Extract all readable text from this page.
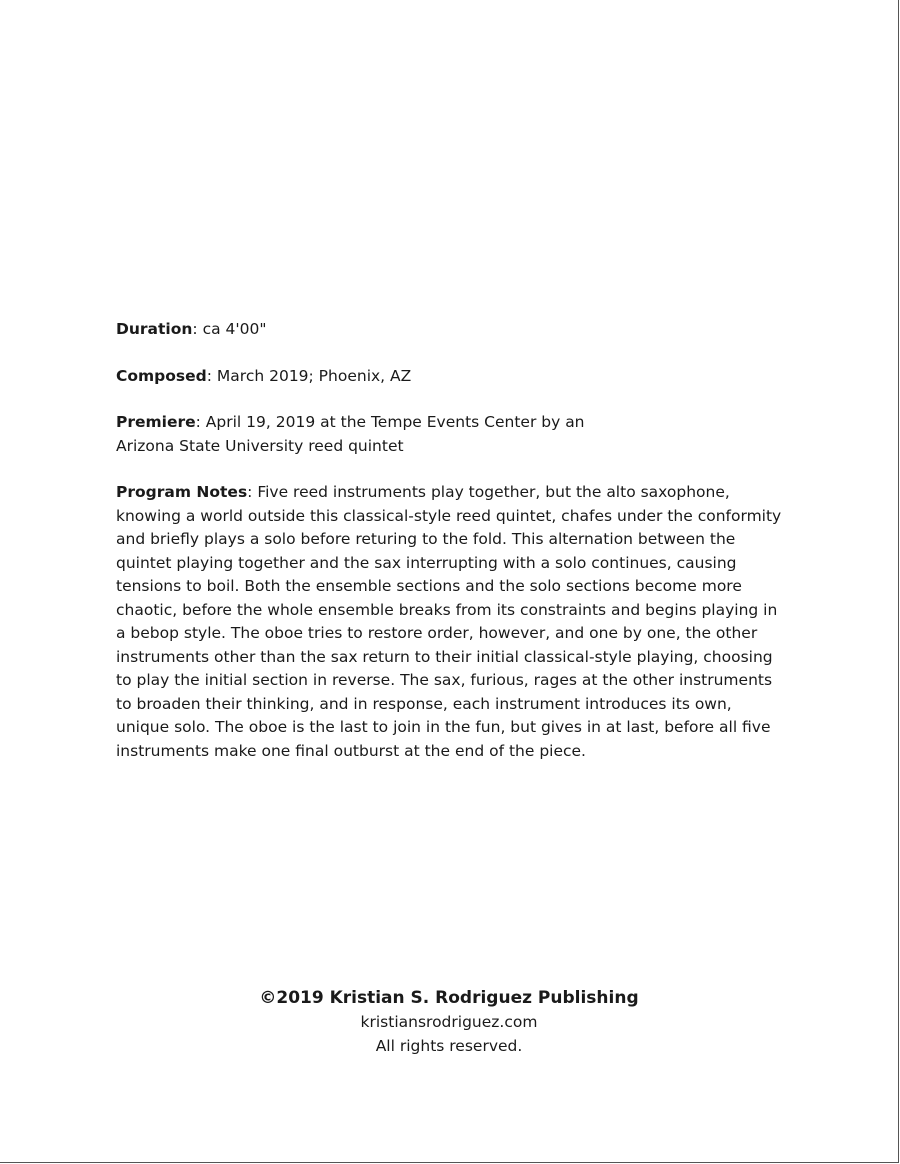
Duration: ca 4'00"

Composed: March 2019; Phoenix, AZ

Premiere: April 19, 2019 at the Tempe Events Center by an
Arizona State University reed quintet

Program Notes: Five reed instruments play together, but the alto saxophone, knowing a world outside this classical-style reed quintet, chafes under the conformity and briefly plays a solo before returing to the fold. This alternation between the quintet playing together and the sax interrupting with a solo continues, causing tensions to boil. Both the ensemble sections and the solo sections become more chaotic, before the whole ensemble breaks from its constraints and begins playing in a bebop style. The oboe tries to restore order, however, and one by one, the other instruments other than the sax return to their initial classical-style playing, choosing to play the initial section in reverse. The sax, furious, rages at the other instruments to broaden their thinking, and in response, each instrument introduces its own, unique solo. The oboe is the last to join in the fun, but gives in at last, before all five instruments make one final outburst at the end of the piece.

©2019 Kristian S. Rodriguez Publishing
kristiansrodriguez.com
All rights reserved.
